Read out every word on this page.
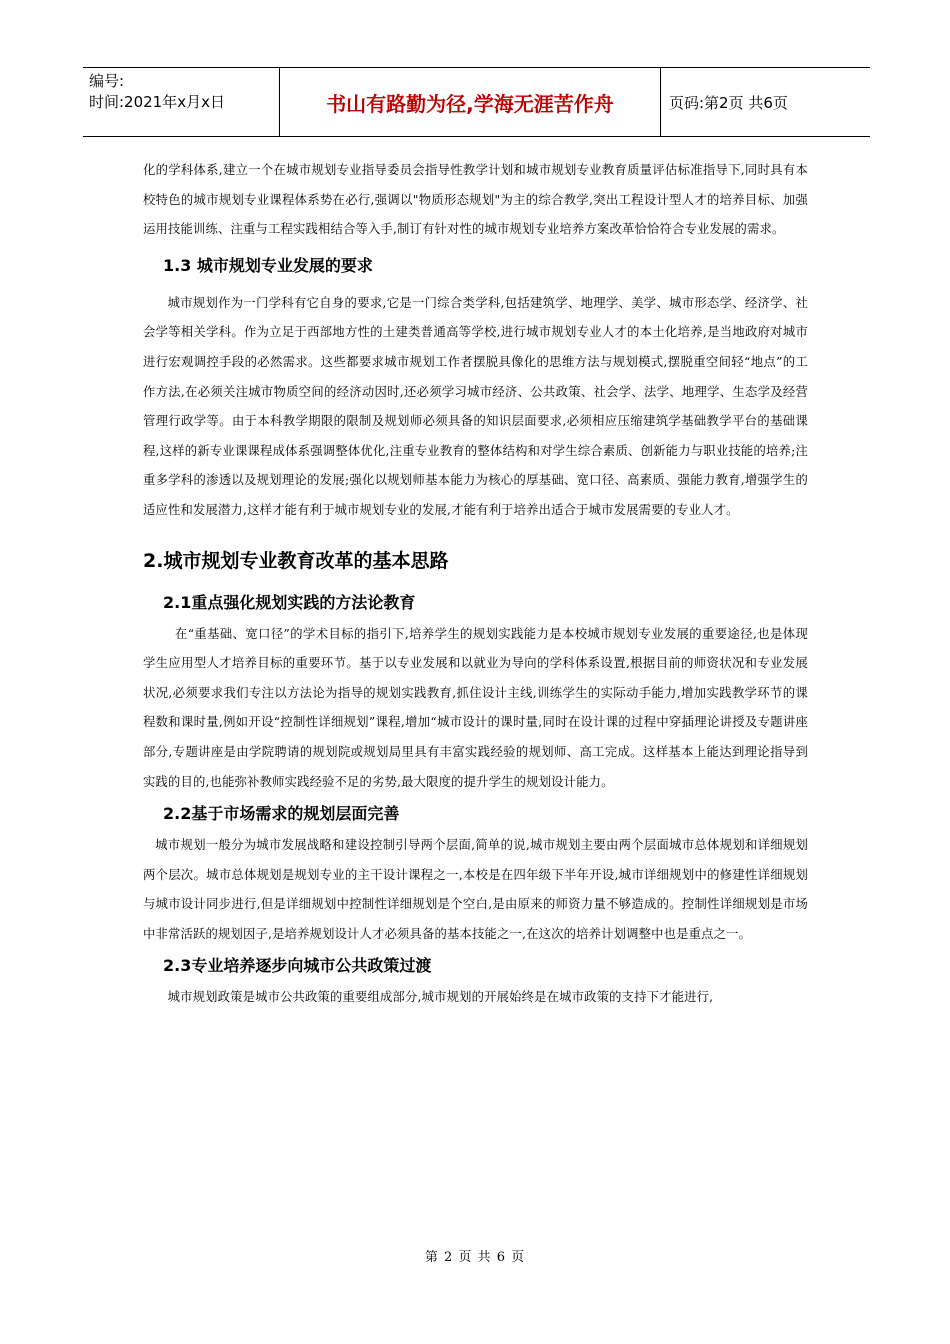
编号:
时间:2021年x月x日	书山有路勤为径,学海无涯苦作舟	页码:第2页 共6页

化的学科体系,建立一个在城市规划专业指导委员会指导性教学计划和城市规划专业教育质量评估标准指导下,同时具有本校特色的城市规划专业课程体系势在必行,强调以"物质形态规划"为主的综合教学,突出工程设计型人才的培养目标、加强运用技能训练、注重与工程实践相结合等入手,制订有针对性的城市规划专业培养方案改革恰恰符合专业发展的需求。

1.3 城市规划专业发展的要求

城市规划作为一门学科有它自身的要求,它是一门综合类学科,包括建筑学、地理学、美学、城市形态学、经济学、社会学等相关学科。作为立足于西部地方性的土建类普通高等学校,进行城市规划专业人才的本土化培养,是当地政府对城市进行宏观调控手段的必然需求。这些都要求城市规划工作者摆脱具像化的思维方法与规划模式,摆脱重空间轻“地点”的工作方法,在必须关注城市物质空间的经济动因时,还必须学习城市经济、公共政策、社会学、法学、地理学、生态学及经营管理行政学等。由于本科教学期限的限制及规划师必须具备的知识层面要求,必须相应压缩建筑学基础教学平台的基础课程,这样的新专业课课程成体系强调整体优化,注重专业教育的整体结构和对学生综合素质、创新能力与职业技能的培养;注重多学科的渗透以及规划理论的发展;强化以规划师基本能力为核心的厚基础、宽口径、高素质、强能力教育,增强学生的适应性和发展潜力,这样才能有利于城市规划专业的发展,才能有利于培养出适合于城市发展需要的专业人才。

2.城市规划专业教育改革的基本思路
2.1重点强化规划实践的方法论教育

在“重基础、宽口径”的学术目标的指引下,培养学生的规划实践能力是本校城市规划专业发展的重要途径,也是体现学生应用型人才培养目标的重要环节。基于以专业发展和以就业为导向的学科体系设置,根据目前的师资状况和专业发展状况,必须要求我们专注以方法论为指导的规划实践教育,抓住设计主线,训练学生的实际动手能力,增加实践教学环节的课程数和课时量,例如开设“控制性详细规划”课程,增加“城市设计的课时量,同时在设计课的过程中穿插理论讲授及专题讲座部分,专题讲座是由学院聘请的规划院或规划局里具有丰富实践经验的规划师、高工完成。这样基本上能达到理论指导到实践的目的,也能弥补教师实践经验不足的劣势,最大限度的提升学生的规划设计能力。

2.2基于市场需求的规划层面完善

城市规划一般分为城市发展战略和建设控制引导两个层面,简单的说,城市规划主要由两个层面城市总体规划和详细规划两个层次。城市总体规划是规划专业的主干设计课程之一,本校是在四年级下半年开设,城市详细规划中的修建性详细规划与城市设计同步进行,但是详细规划中控制性详细规划是个空白,是由原来的师资力量不够造成的。控制性详细规划是市场中非常活跃的规划因子,是培养规划设计人才必须具备的基本技能之一,在这次的培养计划调整中也是重点之一。

2.3专业培养逐步向城市公共政策过渡

城市规划政策是城市公共政策的重要组成部分,城市规划的开展始终是在城市政策的支持下才能进行,

第 2 页 共 6 页
